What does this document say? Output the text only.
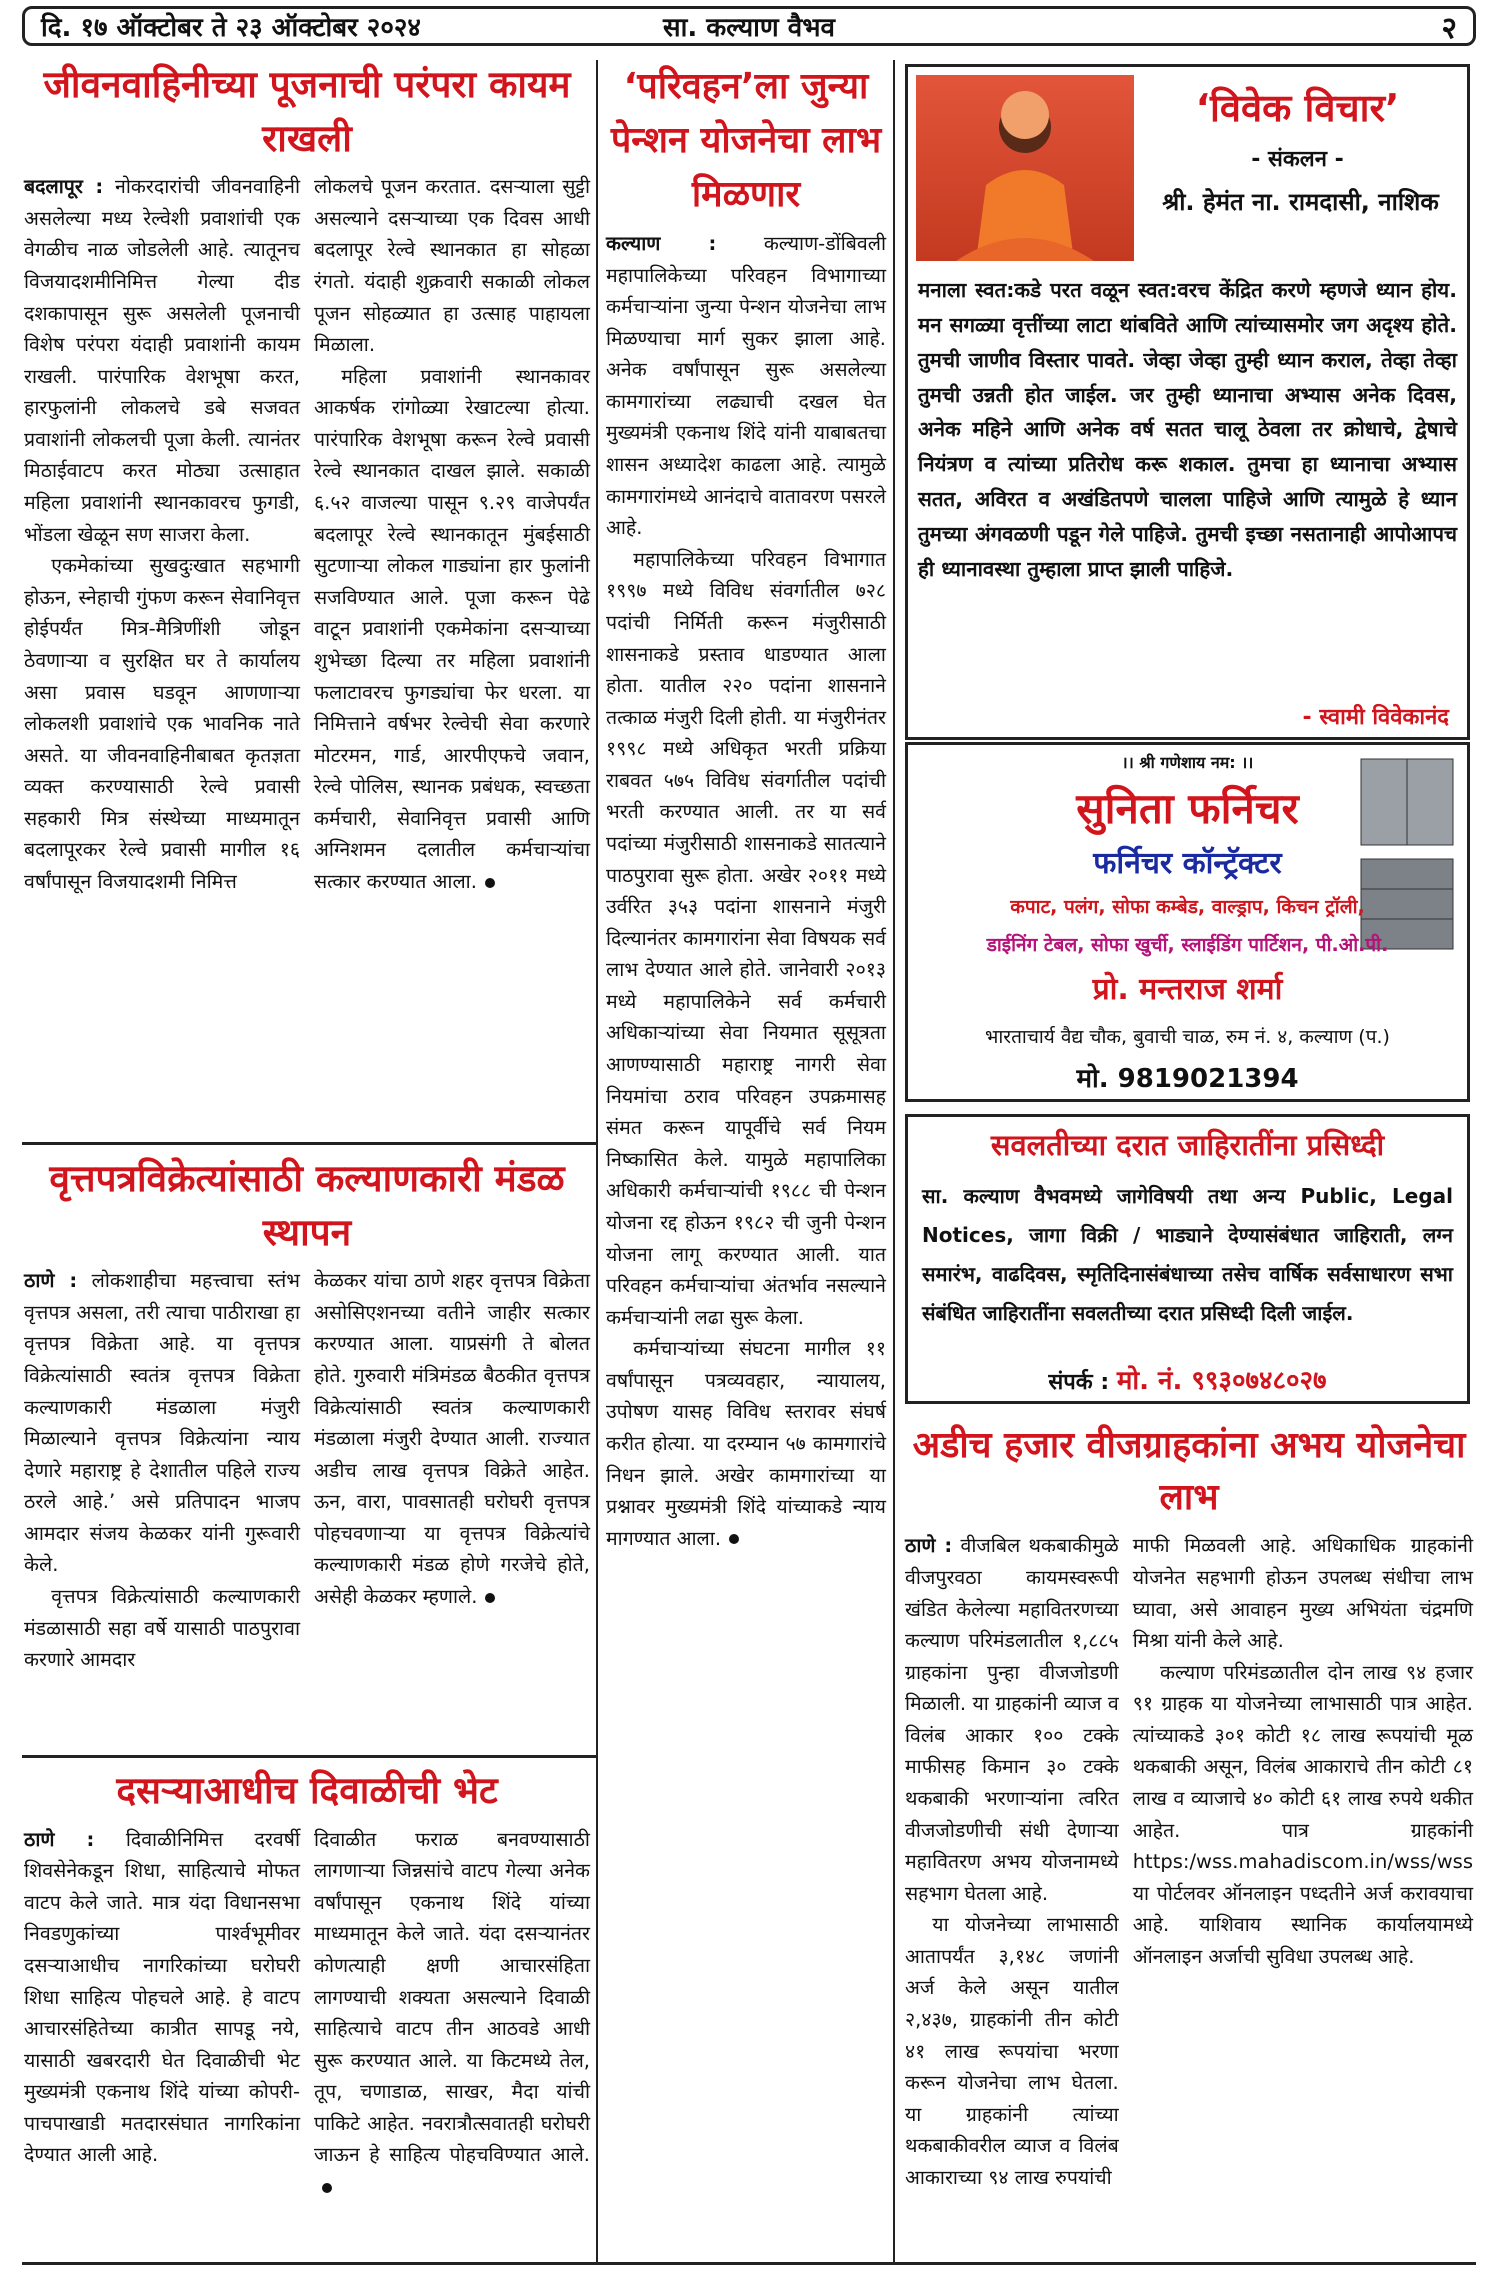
दि. १७ ऑक्टोबर ते २३ ऑक्टोबर २०२४	सा. कल्याण वैभव	२
जीवनवाहिनीच्या पूजनाची परंपरा कायम राखली

बदलापूर : नोकरदारांची जीवनवाहिनी असलेल्या मध्य रेल्वेशी प्रवाशांची एक वेगळीच नाळ जोडलेली आहे. त्यातूनच विजयादशमीनिमित्त गेल्या दीड दशकापासून सुरू असलेली पूजनाची विशेष परंपरा यंदाही प्रवाशांनी कायम राखली. पारंपारिक वेशभूषा करत, हारफुलांनी लोकलचे डबे सजवत प्रवाशांनी लोकलची पूजा केली. त्यानंतर मिठाईवाटप करत मोठ्या उत्साहात महिला प्रवाशांनी स्थानकावरच फुगडी, भोंडला खेळून सण साजरा केला.

एकमेकांच्या सुखदुःखात सहभागी होऊन, स्नेहाची गुंफण करून सेवानिवृत्त होईपर्यंत मित्र-मैत्रिणींशी जोडून ठेवणाऱ्या व सुरक्षित घर ते कार्यालय असा प्रवास घडवून आणणाऱ्या लोकलशी प्रवाशांचे एक भावनिक नाते असते. या जीवनवाहिनीबाबत कृतज्ञता व्यक्त करण्यासाठी रेल्वे प्रवासी सहकारी मित्र संस्थेच्या माध्यमातून बदलापूरकर रेल्वे प्रवासी मागील १६ वर्षांपासून विजयादशमी निमित्त

लोकलचे पूजन करतात. दसऱ्याला सुट्टी असल्याने दसऱ्याच्या एक दिवस आधी बदलापूर रेल्वे स्थानकात हा सोहळा रंगतो. यंदाही शुक्रवारी सकाळी लोकल पूजन सोहळ्यात हा उत्साह पाहायला मिळाला.

महिला प्रवाशांनी स्थानकावर आकर्षक रांगोळ्या रेखाटल्या होत्या. पारंपारिक वेशभूषा करून रेल्वे प्रवासी रेल्वे स्थानकात दाखल झाले. सकाळी ६.५२ वाजल्या पासून ९.२९ वाजेपर्यंत बदलापूर रेल्वे स्थानकातून मुंबईसाठी सुटणाऱ्या लोकल गाड्यांना हार फुलांनी सजविण्यात आले. पूजा करून पेढे वाटून प्रवाशांनी एकमेकांना दसऱ्याच्या शुभेच्छा दिल्या तर महिला प्रवाशांनी फलाटावरच फुगड्यांचा फेर धरला. या निमित्ताने वर्षभर रेल्वेची सेवा करणारे मोटरमन, गार्ड, आरपीएफचे जवान, रेल्वे पोलिस, स्थानक प्रबंधक, स्वच्छता कर्मचारी, सेवानिवृत्त प्रवासी आणि अग्निशमन दलातील कर्मचाऱ्यांचा सत्कार करण्यात आला.

वृत्तपत्रविक्रेत्यांसाठी कल्याणकारी मंडळ स्थापन

ठाणे : लोकशाहीचा महत्त्वाचा स्तंभ वृत्तपत्र असला, तरी त्याचा पाठीराखा हा वृत्तपत्र विक्रेता आहे. या वृत्तपत्र विक्रेत्यांसाठी स्वतंत्र वृत्तपत्र विक्रेता कल्याणकारी मंडळाला मंजुरी मिळाल्याने वृत्तपत्र विक्रेत्यांना न्याय देणारे महाराष्ट्र हे देशातील पहिले राज्य ठरले आहे.’ असे प्रतिपादन भाजप आमदार संजय केळकर यांनी गुरूवारी केले.

वृत्तपत्र विक्रेत्यांसाठी कल्याणकारी मंडळासाठी सहा वर्षे यासाठी पाठपुरावा करणारे आमदार

केळकर यांचा ठाणे शहर वृत्तपत्र विक्रेता असोसिएशनच्या वतीने जाहीर सत्कार करण्यात आला. याप्रसंगी ते बोलत होते. गुरुवारी मंत्रिमंडळ बैठकीत वृत्तपत्र विक्रेत्यांसाठी स्वतंत्र कल्याणकारी मंडळाला मंजुरी देण्यात आली. राज्यात अडीच लाख वृत्तपत्र विक्रेते आहेत. ऊन, वारा, पावसातही घरोघरी वृत्तपत्र पोहचवणाऱ्या या वृत्तपत्र विक्रेत्यांचे कल्याणकारी मंडळ होणे गरजेचे होते, असेही केळकर म्हणाले.

दसऱ्याआधीच दिवाळीची भेट

ठाणे : दिवाळीनिमित्त दरवर्षी शिवसेनेकडून शिधा, साहित्याचे मोफत वाटप केले जाते. मात्र यंदा विधानसभा निवडणुकांच्या पार्श्वभूमीवर दसऱ्याआधीच नागरिकांच्या घरोघरी शिधा साहित्य पोहचले आहे. हे वाटप आचारसंहितेच्या कात्रीत सापडू नये, यासाठी खबरदारी घेत दिवाळीची भेट मुख्यमंत्री एकनाथ शिंदे यांच्या कोपरी-पाचपाखाडी मतदारसंघात नागरिकांना देण्यात आली आहे.

दिवाळीत फराळ बनवण्यासाठी लागणाऱ्या जिन्नसांचे वाटप गेल्या अनेक वर्षांपासून एकनाथ शिंदे यांच्या माध्यमातून केले जाते. यंदा दसऱ्यानंतर कोणत्याही क्षणी आचारसंहिता लागण्याची शक्यता असल्याने दिवाळी साहित्याचे वाटप तीन आठवडे आधी सुरू करण्यात आले. या किटमध्ये तेल, तूप, चणाडाळ, साखर, मैदा यांची पाकिटे आहेत. नवरात्रौत्सवातही घरोघरी जाऊन हे साहित्य पोहचविण्यात आले.

‘परिवहन’ला जुन्या पेन्शन योजनेचा लाभ मिळणार

कल्याण : कल्याण-डोंबिवली महापालिकेच्या परिवहन विभागाच्या कर्मचाऱ्यांना जुन्या पेन्शन योजनेचा लाभ मिळण्याचा मार्ग सुकर झाला आहे. अनेक वर्षांपासून सुरू असलेल्या कामगारांच्या लढ्याची दखल घेत मुख्यमंत्री एकनाथ शिंदे यांनी याबाबतचा शासन अध्यादेश काढला आहे. त्यामुळे कामगारांमध्ये आनंदाचे वातावरण पसरले आहे.

महापालिकेच्या परिवहन विभागात १९९७ मध्ये विविध संवर्गातील ७२८ पदांची निर्मिती करून मंजुरीसाठी शासनाकडे प्रस्ताव धाडण्यात आला होता. यातील २२० पदांना शासनाने तत्काळ मंजुरी दिली होती. या मंजुरीनंतर १९९८ मध्ये अधिकृत भरती प्रक्रिया राबवत ५७५ विविध संवर्गातील पदांची भरती करण्यात आली. तर या सर्व पदांच्या मंजुरीसाठी शासनाकडे सातत्याने पाठपुरावा सुरू होता. अखेर २०११ मध्ये उर्वरित ३५३ पदांना शासनाने मंजुरी दिल्यानंतर कामगारांना सेवा विषयक सर्व लाभ देण्यात आले होते. जानेवारी २०१३ मध्ये महापालिकेने सर्व कर्मचारी अधिकाऱ्यांच्या सेवा नियमात सूसूत्रता आणण्यासाठी महाराष्ट्र नागरी सेवा नियमांचा ठराव परिवहन उपक्रमासह संमत करून यापूर्वीचे सर्व नियम निष्कासित केले. यामुळे महापालिका अधिकारी कर्मचाऱ्यांची १९८८ ची पेन्शन योजना रद्द होऊन १९८२ ची जुनी पेन्शन योजना लागू करण्यात आली. यात परिवहन कर्मचाऱ्यांचा अंतर्भाव नसल्याने कर्मचाऱ्यांनी लढा सुरू केला.

कर्मचाऱ्यांच्या संघटना मागील ११ वर्षांपासून पत्रव्यवहार, न्यायालय, उपोषण यासह विविध स्तरावर संघर्ष करीत होत्या. या दरम्यान ५७ कामगारांचे निधन झाले. अखेर कामगारांच्या या प्रश्नावर मुख्यमंत्री शिंदे यांच्याकडे न्याय मागण्यात आला.

‘विवेक विचार’
- संकलन -
श्री. हेमंत ना. रामदासी, नाशिक
मनाला स्वत:कडे परत वळून स्वत:वरच केंद्रित करणे म्हणजे ध्यान होय. मन सगळ्या वृत्तींच्या लाटा थांबविते आणि त्यांच्यासमोर जग अदृश्य होते. तुमची जाणीव विस्तार पावते. जेव्हा जेव्हा तुम्ही ध्यान कराल, तेव्हा तेव्हा तुमची उन्नती होत जाईल. जर तुम्ही ध्यानाचा अभ्यास अनेक दिवस, अनेक महिने आणि अनेक वर्ष सतत चालू ठेवला तर क्रोधाचे, द्वेषाचे नियंत्रण व त्यांच्या प्रतिरोध करू शकाल. तुमचा हा ध्यानाचा अभ्यास सतत, अविरत व अखंडितपणे चालला पाहिजे आणि त्यामुळे हे ध्यान तुमच्या अंगवळणी पडून गेले पाहिजे. तुमची इच्छा नसतानाही आपोआपच ही ध्यानावस्था तुम्हाला प्राप्त झाली पाहिजे.
- स्वामी विवेकानंद
।। श्री गणेशाय नम: ।।
सुनिता फर्निचर
फर्निचर कॉन्ट्रॅक्टर
कपाट, पलंग, सोफा कम्बेड, वाल्ड्राप, किचन ट्रॉली,
डाईनिंग टेबल, सोफा खुर्ची, स्लाईडिंग पार्टिशन, पी.ओ.पी.
प्रो. मन्तराज शर्मा
भारताचार्य वैद्य चौक, बुवाची चाळ, रुम नं. ४, कल्याण (प.)
मो. 9819021394
सवलतीच्या दरात जाहिरातींना प्रसिध्दी
सा. कल्याण वैभवमध्ये जागेविषयी तथा अन्य Public, Legal Notices, जागा विक्री / भाड्याने देण्यासंबंधात जाहिराती, लग्न समारंभ, वाढदिवस, स्मृतिदिनासंबंधाच्या तसेच वार्षिक सर्वसाधारण सभा संबंधित जाहिरातींना सवलतीच्या दरात प्रसिध्दी दिली जाईल.
संपर्क : मो. नं. ९९३०७४८०२७
अडीच हजार वीजग्राहकांना अभय योजनेचा लाभ

ठाणे : वीजबिल थकबाकीमुळे वीजपुरवठा कायमस्वरूपी खंडित केलेल्या महावितरणच्या कल्याण परिमंडलातील १,८८५ ग्राहकांना पुन्हा वीजजोडणी मिळाली. या ग्राहकांनी व्याज व विलंब आकार १०० टक्के माफीसह किमान ३० टक्के थकबाकी भरणाऱ्यांना त्वरित वीजजोडणीची संधी देणाऱ्या महावितरण अभय योजनामध्ये सहभाग घेतला आहे.

या योजनेच्या लाभासाठी आतापर्यंत ३,१४८ जणांनी अर्ज केले असून यातील २,४३७, ग्राहकांनी तीन कोटी ४१ लाख रूपयांचा भरणा करून योजनेचा लाभ घेतला. या ग्राहकांनी त्यांच्या थकबाकीवरील व्याज व विलंब आकाराच्या ९४ लाख रुपयांची

माफी मिळवली आहे. अधिकाधिक ग्राहकांनी योजनेत सहभागी होऊन उपलब्ध संधीचा लाभ घ्यावा, असे आवाहन मुख्य अभियंता चंद्रमणि मिश्रा यांनी केले आहे.

कल्याण परिमंडळातील दोन लाख ९४ हजार ९१ ग्राहक या योजनेच्या लाभासाठी पात्र आहेत. त्यांच्याकडे ३०१ कोटी १८ लाख रूपयांची मूळ थकबाकी असून, विलंब आकाराचे तीन कोटी ८१ लाख व व्याजाचे ४० कोटी ६१ लाख रुपये थकीत आहेत. पात्र ग्राहकांनी https:/wss.mahadiscom.in/wss/wss या पोर्टलवर ऑनलाइन पध्दतीने अर्ज करावयाचा आहे. याशिवाय स्थानिक कार्यालयामध्ये ऑनलाइन अर्जाची सुविधा उपलब्ध आहे.
